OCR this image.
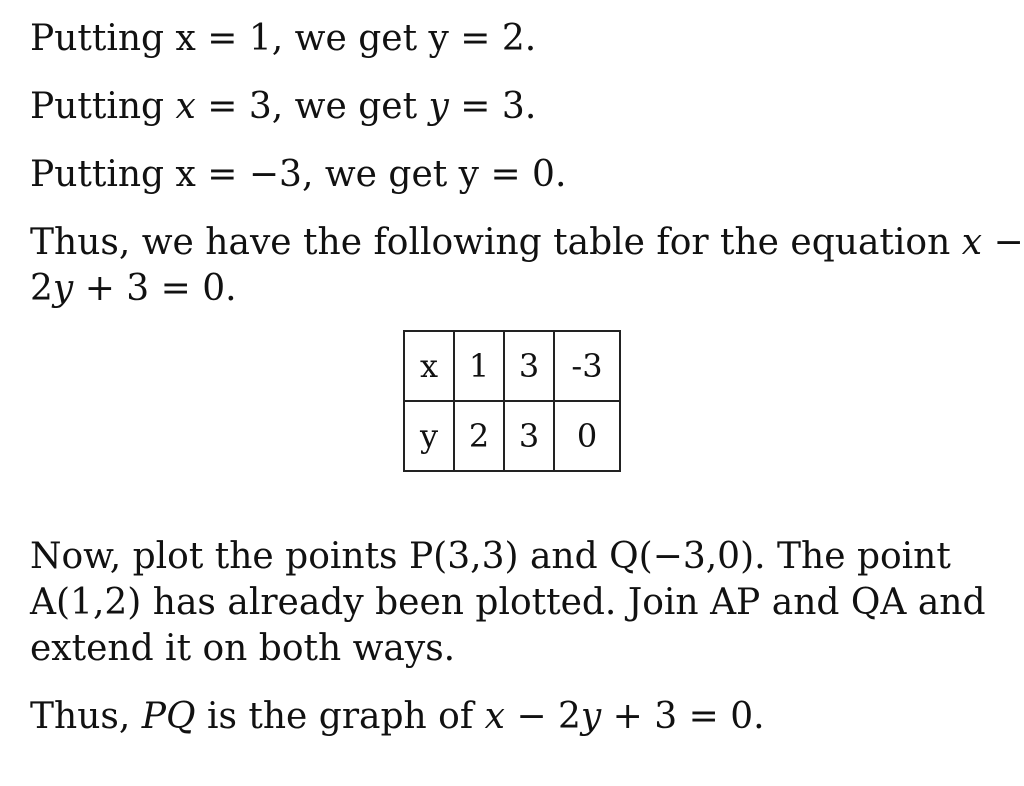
Putting x = 1, we get y = 2.
Putting x = 3, we get y = 3.
Putting x = −3, we get y = 0.
Thus, we have the following table for the equation x −
2y + 3 = 0.
x	1	3	-3
y	2	3	0
Now, plot the points P(3,3) and Q(−3,0). The point
A(1,2) has already been plotted. Join AP and QA and
extend it on both ways.
Thus, PQ is the graph of x − 2y + 3 = 0.
